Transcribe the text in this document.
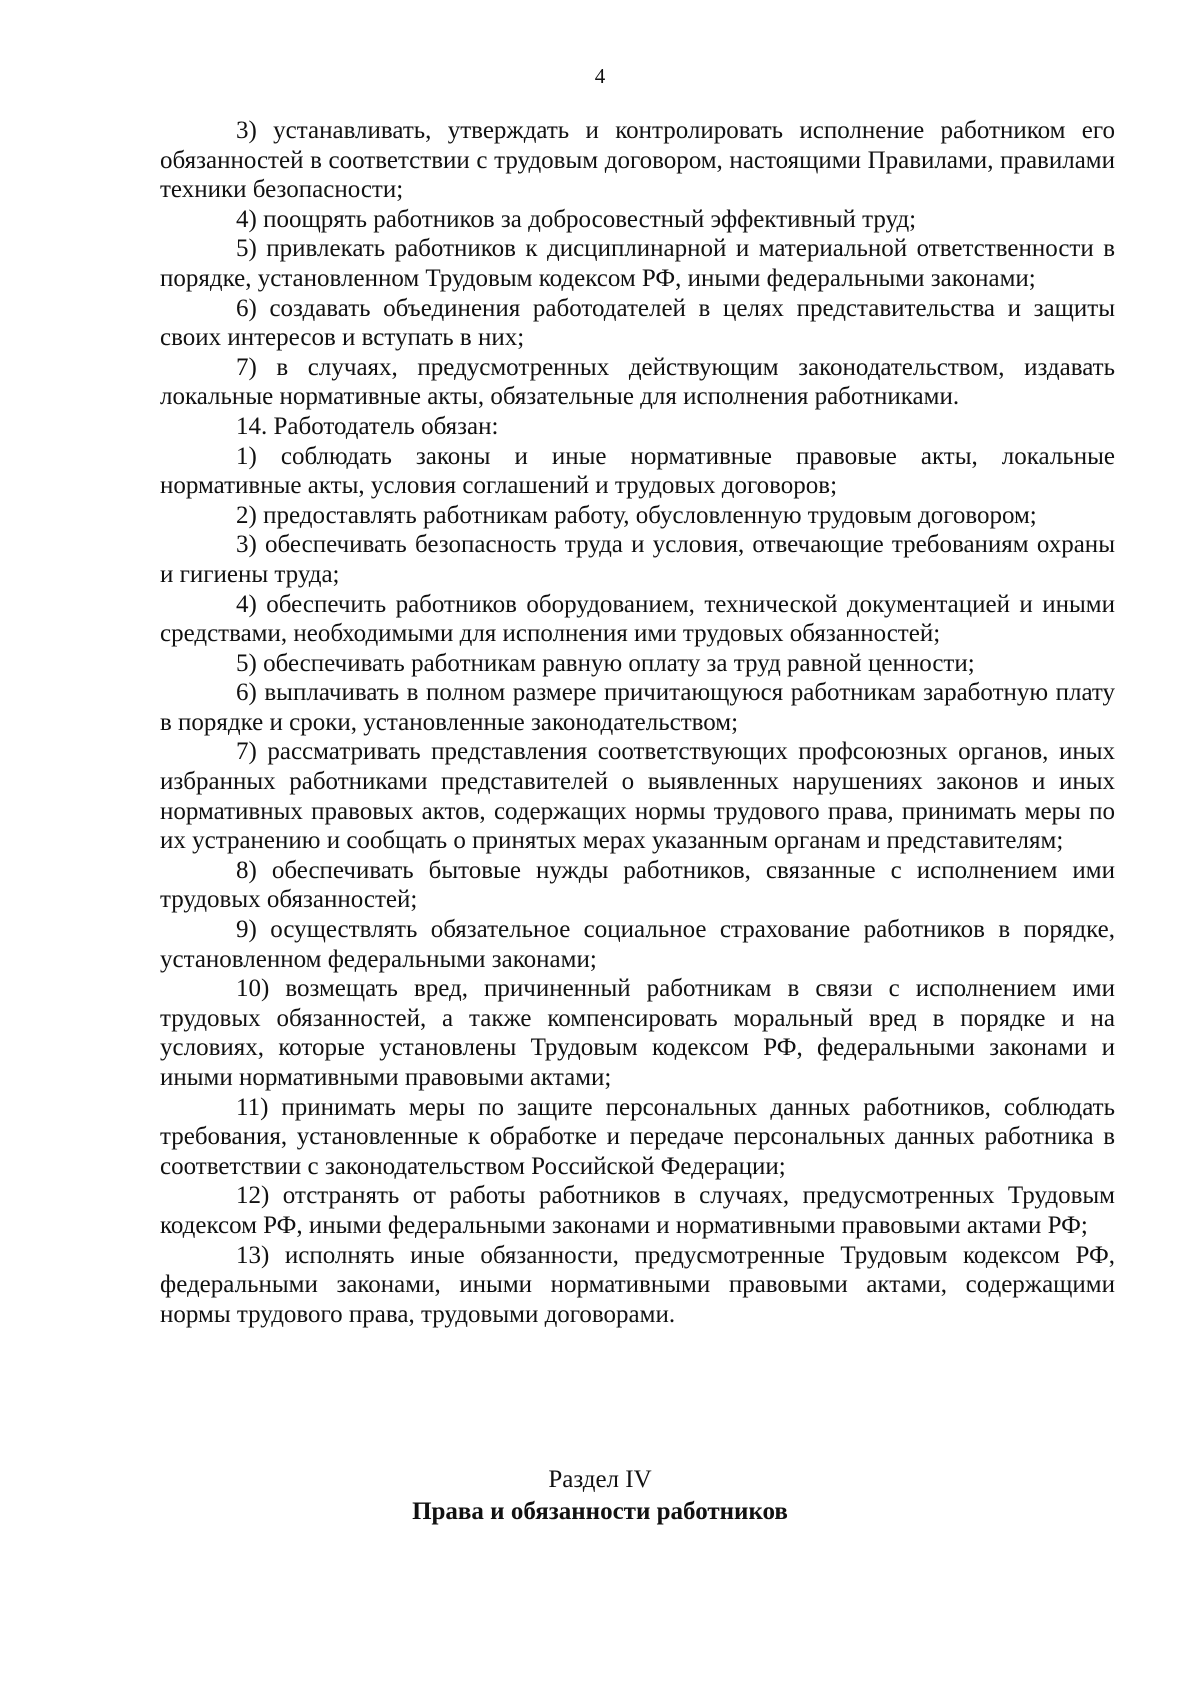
4

3) устанавливать, утверждать и контролировать исполнение работником его обязанностей в соответствии с трудовым договором, настоящими Правилами, правилами техники безопасности;

4) поощрять работников за добросовестный эффективный труд;

5) привлекать работников к дисциплинарной и материальной ответственности в порядке, установленном Трудовым кодексом РФ, иными федеральными законами;

6) создавать объединения работодателей в целях представительства и защиты своих интересов и вступать в них;

7) в случаях, предусмотренных действующим законодательством, издавать локальные нормативные акты, обязательные для исполнения работниками.

14. Работодатель обязан:

1) соблюдать законы и иные нормативные правовые акты, локальные нормативные акты, условия соглашений и трудовых договоров;

2) предоставлять работникам работу, обусловленную трудовым договором;

3) обеспечивать безопасность труда и условия, отвечающие требованиям охраны и гигиены труда;

4) обеспечить работников оборудованием, технической документацией и иными средствами, необходимыми для исполнения ими трудовых обязанностей;

5) обеспечивать работникам равную оплату за труд равной ценности;

6) выплачивать в полном размере причитающуюся работникам заработную плату в порядке и сроки, установленные законодательством;

7) рассматривать представления соответствующих профсоюзных органов, иных избранных работниками представителей о выявленных нарушениях законов и иных нормативных правовых актов, содержащих нормы трудового права, принимать меры по их устранению и сообщать о принятых мерах указанным органам и представителям;

8) обеспечивать бытовые нужды работников, связанные с исполнением ими трудовых обязанностей;

9) осуществлять обязательное социальное страхование работников в порядке, установленном федеральными законами;

10) возмещать вред, причиненный работникам в связи с исполнением ими трудовых обязанностей, а также компенсировать моральный вред в порядке и на условиях, которые установлены Трудовым кодексом РФ, федеральными законами и иными нормативными правовыми актами;

11) принимать меры по защите персональных данных работников, соблюдать требования, установленные к обработке и передаче персональных данных работника в соответствии с законодательством Российской Федерации;

12) отстранять от работы работников в случаях, предусмотренных Трудовым кодексом РФ, иными федеральными законами и нормативными правовыми актами РФ;

13) исполнять иные обязанности, предусмотренные Трудовым кодексом РФ, федеральными законами, иными нормативными правовыми актами, содержащими нормы трудового права, трудовыми договорами.

Раздел IV
Права и обязанности работников
